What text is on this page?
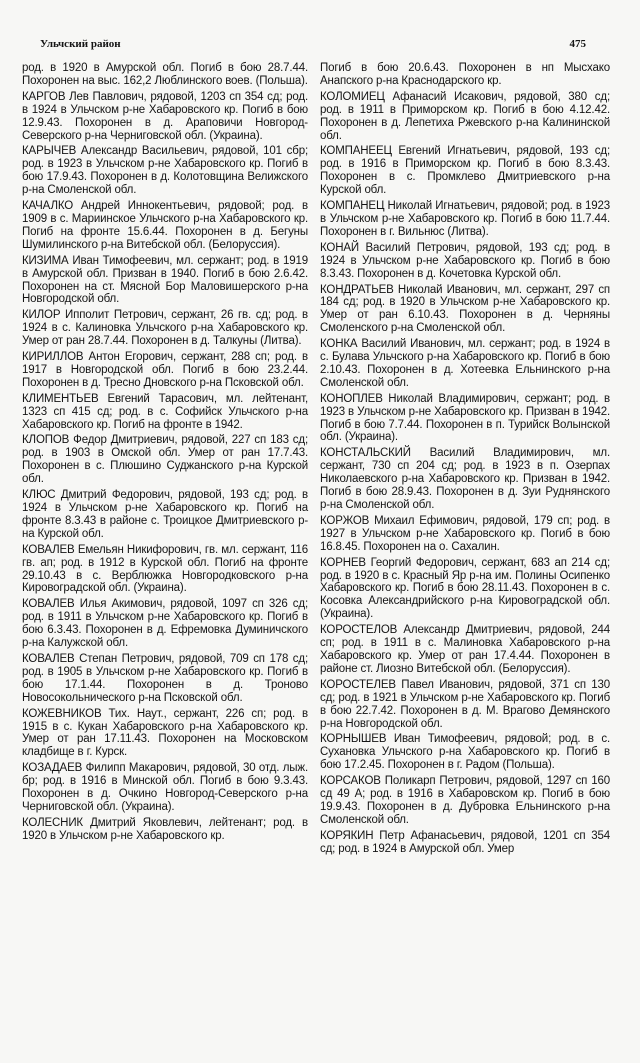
Ульчский район	475
род. в 1920 в Амурской обл. Погиб в бою 28.7.44. Похоронен на выс. 162,2 Люблинского воев. (Польша).
КАРГОВ Лев Павлович, рядовой, 1203 сп 354 сд; род. в 1924 в Ульчском р-не Хабаровского кр. Погиб в бою 12.9.43. Похоронен в д. Араповичи Новгород-Северского р-на Черниговской обл. (Украина).
КАРЫЧЕВ Александр Васильевич, рядовой, 101 сбр; род. в 1923 в Ульчском р-не Хабаровского кр. Погиб в бою 17.9.43. Похоронен в д. Колотовщина Велижского р-на Смоленской обл.
КАЧАЛКО Андрей Иннокентьевич, рядовой; род. в 1909 в с. Мариинское Ульчского р-на Хабаровского кр. Погиб на фронте 15.6.44. Похоронен в д. Бегуны Шумилинского р-на Витебской обл. (Белоруссия).
КИЗИМА Иван Тимофеевич, мл. сержант; род. в 1919 в Амурской обл. Призван в 1940. Погиб в бою 2.6.42. Похоронен на ст. Мясной Бор Маловишерского р-на Новгородской обл.
КИЛОР Ипполит Петрович, сержант, 26 гв. сд; род. в 1924 в с. Калиновка Ульчского р-на Хабаровского кр. Умер от ран 28.7.44. Похоронен в д. Талкуны (Литва).
КИРИЛЛОВ Антон Егорович, сержант, 288 сп; род. в 1917 в Новгородской обл. Погиб в бою 23.2.44. Похоронен в д. Тресно Дновского р-на Псковской обл.
КЛИМЕНТЬЕВ Евгений Тарасович, мл. лейтенант, 1323 сп 415 сд; род. в с. Софийск Ульчского р-на Хабаровского кр. Погиб на фронте в 1942.
КЛОПОВ Федор Дмитриевич, рядовой, 227 сп 183 сд; род. в 1903 в Омской обл. Умер от ран 17.7.43. Похоронен в с. Плюшино Суджанского р-на Курской обл.
КЛЮС Дмитрий Федорович, рядовой, 193 сд; род. в 1924 в Ульчском р-не Хабаровского кр. Погиб на фронте 8.3.43 в районе с. Троицкое Дмитриевского р-на Курской обл.
КОВАЛЕВ Емельян Никифорович, гв. мл. сержант, 116 гв. ап; род. в 1912 в Курской обл. Погиб на фронте 29.10.43 в с. Верблюжка Новгородковского р-на Кировоградской обл. (Украина).
КОВАЛЕВ Илья Акимович, рядовой, 1097 сп 326 сд; род. в 1911 в Ульчском р-не Хабаровского кр. Погиб в бою 6.3.43. Похоронен в д. Ефремовка Думиничского р-на Калужской обл.
КОВАЛЕВ Степан Петрович, рядовой, 709 сп 178 сд; род. в 1905 в Ульчском р-не Хабаровского кр. Погиб в бою 17.1.44. Похоронен в д. Троново Новосокольнического р-на Псковской обл.
КОЖЕВНИКОВ Тих. Наут., сержант, 226 сп; род. в 1915 в с. Кукан Хабаровского р-на Хабаровского кр. Умер от ран 17.11.43. Похоронен на Московском кладбище в г. Курск.
КОЗАДАЕВ Филипп Макарович, рядовой, 30 отд. лыж. бр; род. в 1916 в Минской обл. Погиб в бою 9.3.43. Похоронен в д. Очкино Новгород-Северского р-на Черниговской обл. (Украина).
КОЛЕСНИК Дмитрий Яковлевич, лейтенант; род. в 1920 в Ульчском р-не Хабаровского кр.
Погиб в бою 20.6.43. Похоронен в нп Мысхако Анапского р-на Краснодарского кр.
КОЛОМИЕЦ Афанасий Исакович, рядовой, 380 сд; род. в 1911 в Приморском кр. Погиб в бою 4.12.42. Похоронен в д. Лепетиха Ржевского р-на Калининской обл.
КОМПАНЕЕЦ Евгений Игнатьевич, рядовой, 193 сд; род. в 1916 в Приморском кр. Погиб в бою 8.3.43. Похоронен в с. Промклево Дмитриевского р-на Курской обл.
КОМПАНЕЦ Николай Игнатьевич, рядовой; род. в 1923 в Ульчском р-не Хабаровского кр. Погиб в бою 11.7.44. Похоронен в г. Вильнюс (Литва).
КОНАЙ Василий Петрович, рядовой, 193 сд; род. в 1924 в Ульчском р-не Хабаровского кр. Погиб в бою 8.3.43. Похоронен в д. Кочетовка Курской обл.
КОНДРАТЬЕВ Николай Иванович, мл. сержант, 297 сп 184 сд; род. в 1920 в Ульчском р-не Хабаровского кр. Умер от ран 6.10.43. Похоронен в д. Черняны Смоленского р-на Смоленской обл.
КОНКА Василий Иванович, мл. сержант; род. в 1924 в с. Булава Ульчского р-на Хабаровского кр. Погиб в бою 2.10.43. Похоронен в д. Хотеевка Ельнинского р-на Смоленской обл.
КОНОПЛЕВ Николай Владимирович, сержант; род. в 1923 в Ульчском р-не Хабаровского кр. Призван в 1942. Погиб в бою 7.7.44. Похоронен в п. Турийск Волынской обл. (Украина).
КОНСТАЛЬСКИЙ Василий Владимирович, мл. сержант, 730 сп 204 сд; род. в 1923 в п. Озерпах Николаевского р-на Хабаровского кр. Призван в 1942. Погиб в бою 28.9.43. Похоронен в д. Зуи Руднянского р-на Смоленской обл.
КОРЖОВ Михаил Ефимович, рядовой, 179 сп; род. в 1927 в Ульчском р-не Хабаровского кр. Погиб в бою 16.8.45. Похоронен на о. Сахалин.
КОРНЕВ Георгий Федорович, сержант, 683 ап 214 сд; род. в 1920 в с. Красный Яр р-на им. Полины Осипенко Хабаровского кр. Погиб в бою 28.11.43. Похоронен в с. Косовка Александрийского р-на Кировоградской обл. (Украина).
КОРОСТЕЛОВ Александр Дмитриевич, рядовой, 244 сп; род. в 1911 в с. Малиновка Хабаровского р-на Хабаровского кр. Умер от ран 17.4.44. Похоронен в районе ст. Лиозно Витебской обл. (Белоруссия).
КОРОСТЕЛЕВ Павел Иванович, рядовой, 371 сп 130 сд; род. в 1921 в Ульчском р-не Хабаровского кр. Погиб в бою 22.7.42. Похоронен в д. М. Врагово Демянского р-на Новгородской обл.
КОРНЫШЕВ Иван Тимофеевич, рядовой; род. в с. Сухановка Ульчского р-на Хабаровского кр. Погиб в бою 17.2.45. Похоронен в г. Радом (Польша).
КОРСАКОВ Поликарп Петрович, рядовой, 1297 сп 160 сд 49 А; род. в 1916 в Хабаровском кр. Погиб в бою 19.9.43. Похоронен в д. Дубровка Ельнинского р-на Смоленской обл.
КОРЯКИН Петр Афанасьевич, рядовой, 1201 сп 354 сд; род. в 1924 в Амурской обл. Умер
